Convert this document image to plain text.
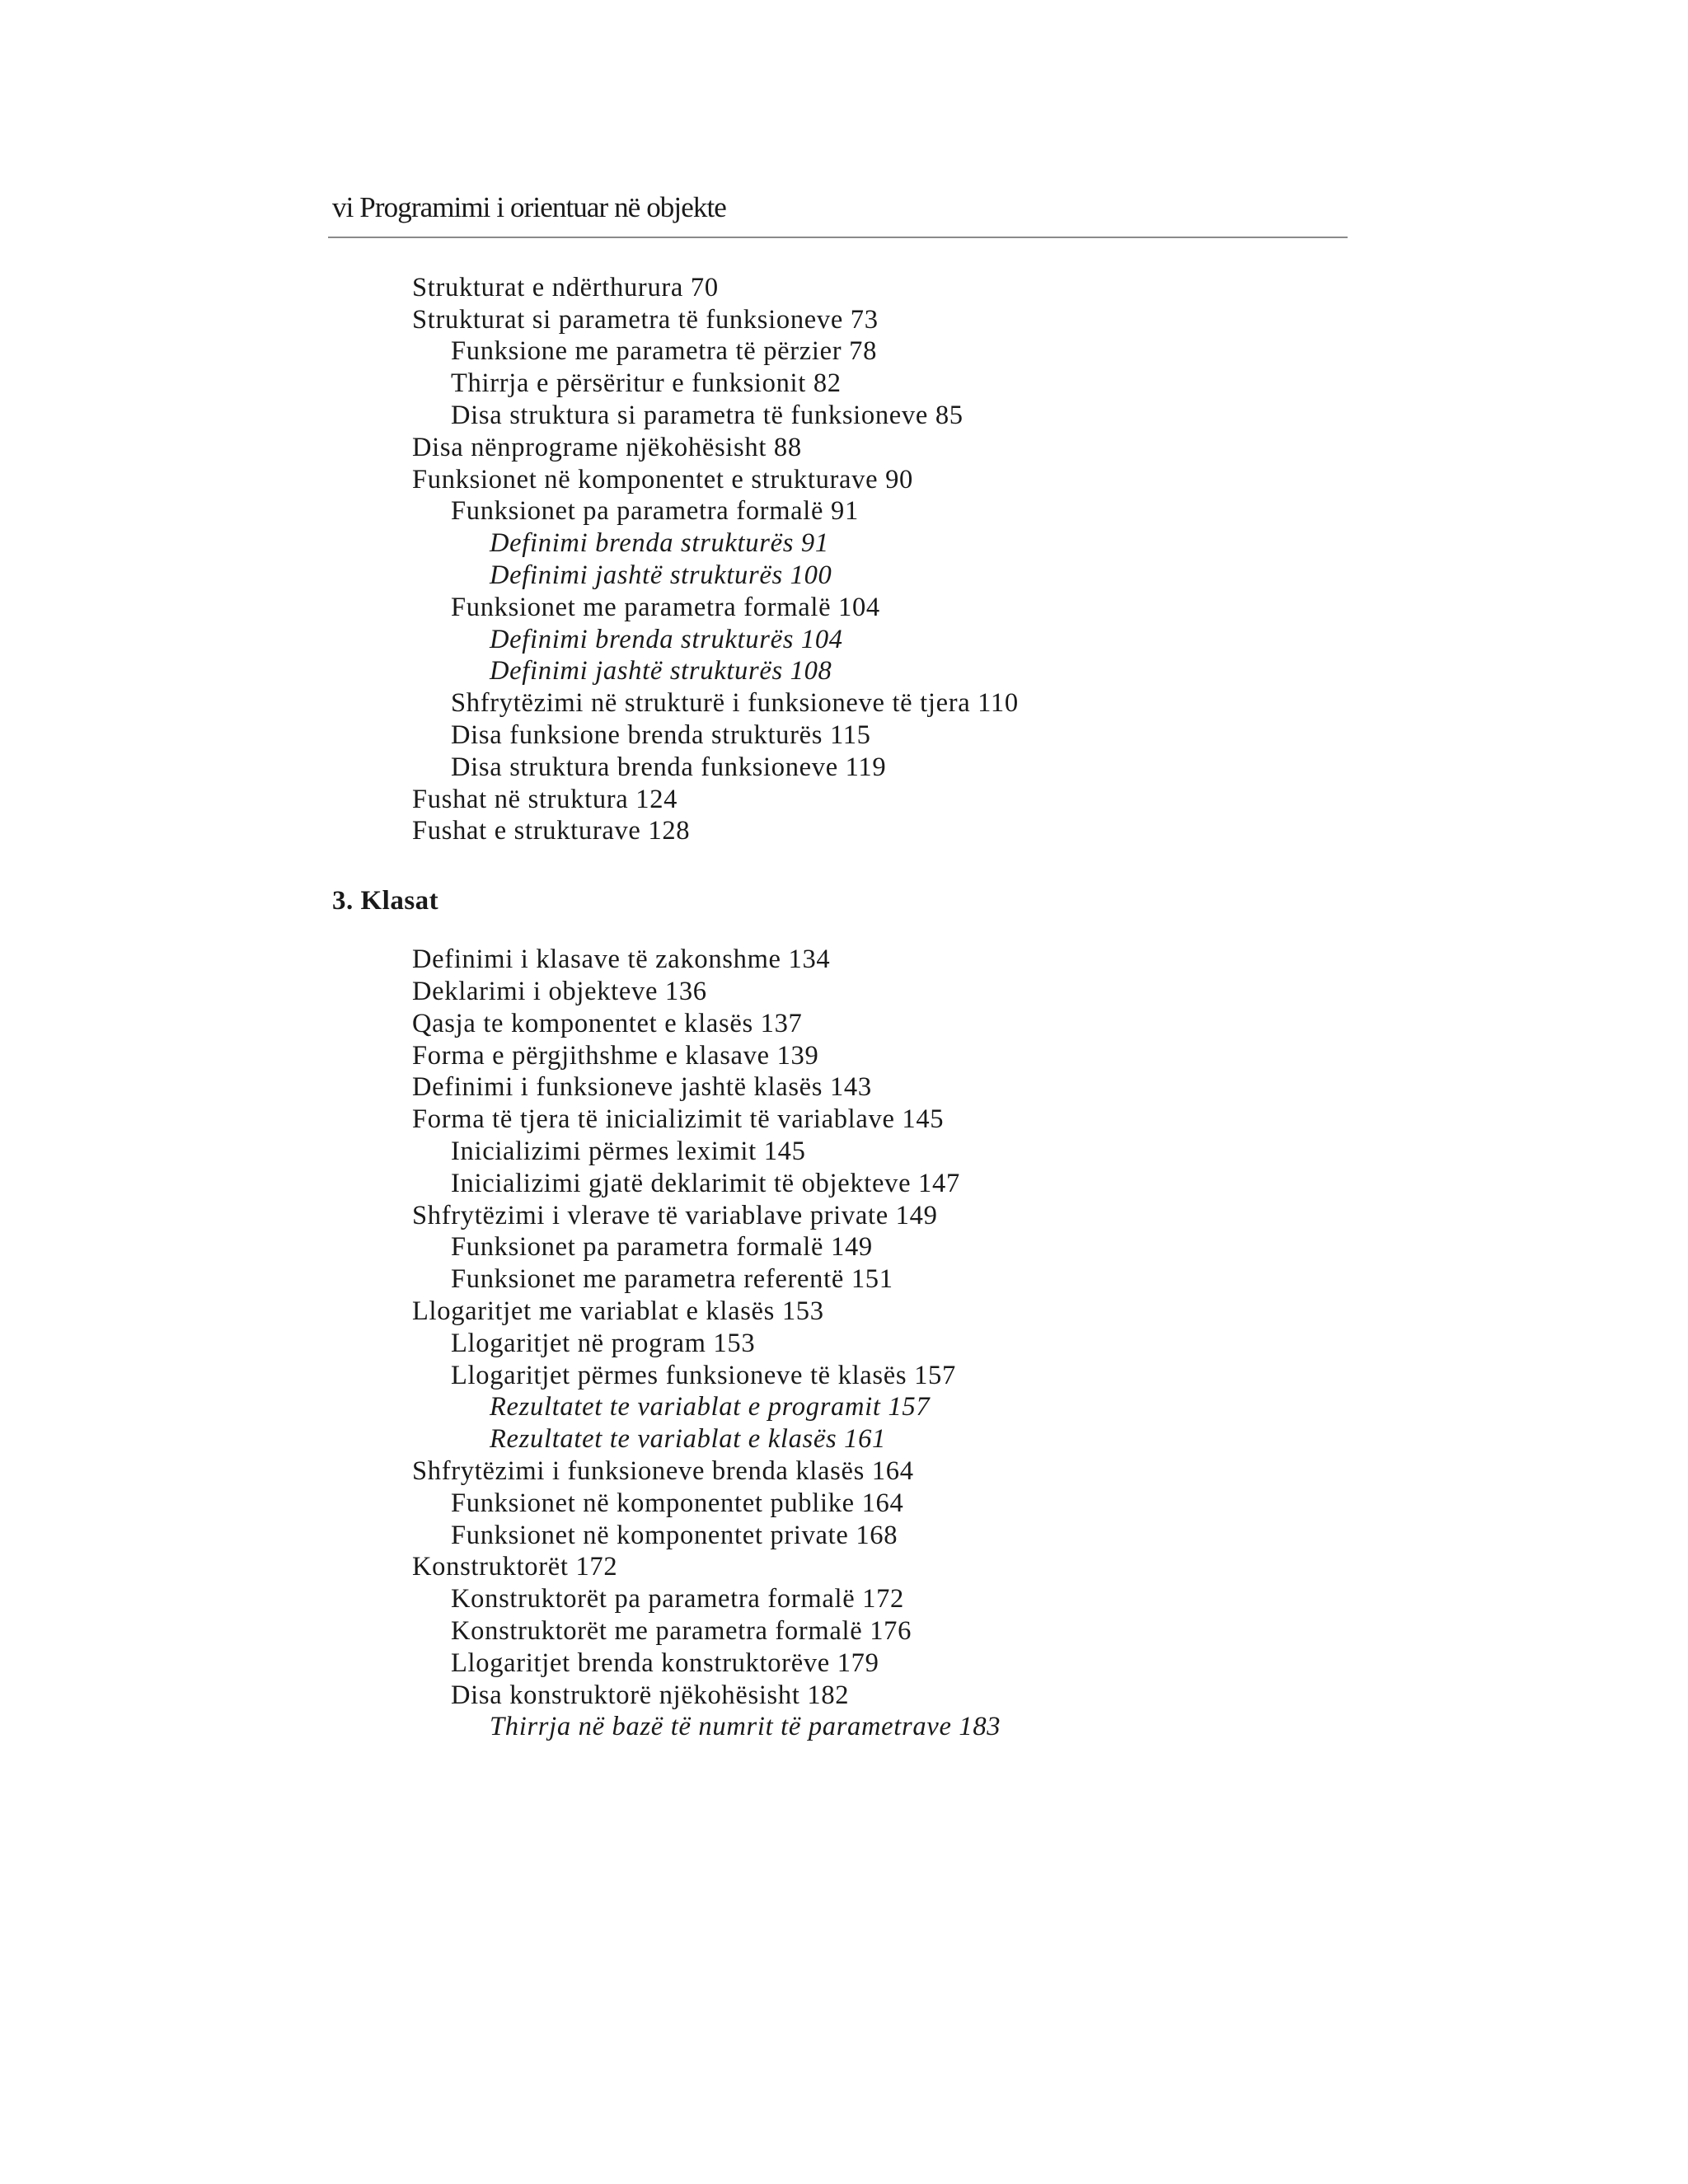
vi Programimi i orientuar në objekte
Strukturat e ndërthurura 70
Strukturat si parametra të funksioneve 73
Funksione me parametra të përzier 78
Thirrja e përsëritur e funksionit 82
Disa struktura si parametra të funksioneve 85
Disa nënprograme njëkohësisht 88
Funksionet në komponentet e strukturave 90
Funksionet pa parametra formalë 91
Definimi brenda strukturës 91
Definimi jashtë strukturës 100
Funksionet me parametra formalë 104
Definimi brenda strukturës 104
Definimi jashtë strukturës 108
Shfrytëzimi në strukturë i funksioneve të tjera 110
Disa funksione brenda strukturës 115
Disa struktura brenda funksioneve 119
Fushat në struktura 124
Fushat e strukturave 128
3. Klasat
Definimi i klasave të zakonshme 134
Deklarimi i objekteve 136
Qasja te komponentet e klasës 137
Forma e përgjithshme e klasave 139
Definimi i funksioneve jashtë klasës 143
Forma të tjera të inicializimit të variablave 145
Inicializimi përmes leximit 145
Inicializimi gjatë deklarimit të objekteve 147
Shfrytëzimi i vlerave të variablave private 149
Funksionet pa parametra formalë 149
Funksionet me parametra referentë 151
Llogaritjet me variablat e klasës 153
Llogaritjet në program 153
Llogaritjet përmes funksioneve të klasës 157
Rezultatet te variablat e programit 157
Rezultatet te variablat e klasës 161
Shfrytëzimi i funksioneve brenda klasës 164
Funksionet në komponentet publike 164
Funksionet në komponentet private 168
Konstruktorët 172
Konstruktorët pa parametra formalë 172
Konstruktorët me parametra formalë 176
Llogaritjet brenda konstruktorëve 179
Disa konstruktorë njëkohësisht 182
Thirrja në bazë të numrit të parametrave 183
